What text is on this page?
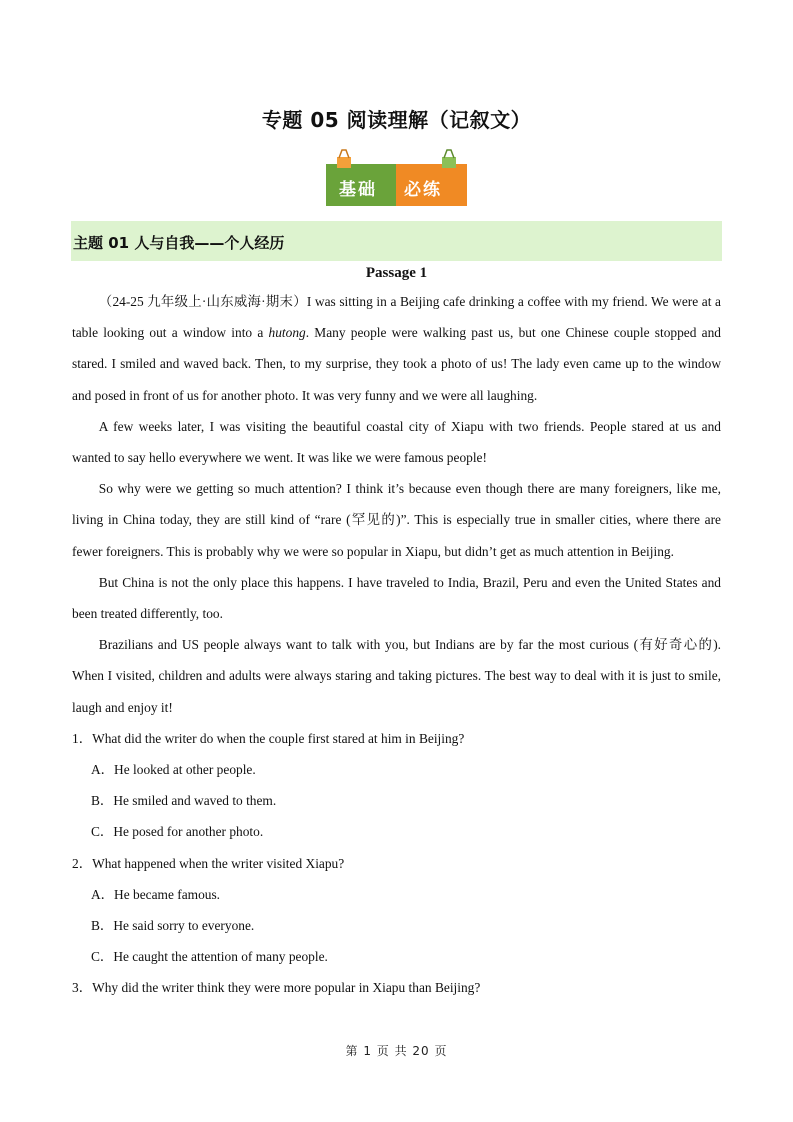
专题 05 阅读理解（记叙文）
基础 必练
主题 01 人与自我——个人经历
Passage 1

（24-25 九年级上·山东威海·期末）I was sitting in a Beijing cafe drinking a coffee with my friend. We were at a table looking out a window into a hutong. Many people were walking past us, but one Chinese couple stopped and stared. I smiled and waved back. Then, to my surprise, they took a photo of us! The lady even came up to the window and posed in front of us for another photo. It was very funny and we were all laughing.

A few weeks later, I was visiting the beautiful coastal city of Xiapu with two friends. People stared at us and wanted to say hello everywhere we went. It was like we were famous people!

So why were we getting so much attention? I think it’s because even though there are many foreigners, like me, living in China today, they are still kind of “rare (罕见的)”. This is especially true in smaller cities, where there are fewer foreigners. This is probably why we were so popular in Xiapu, but didn’t get as much attention in Beijing.

But China is not the only place this happens. I have traveled to India, Brazil, Peru and even the United States and been treated differently, too.

Brazilians and US people always want to talk with you, but Indians are by far the most curious (有好奇心的). When I visited, children and adults were always staring and taking pictures. The best way to deal with it is just to smile, laugh and enjoy it!

1．What did the writer do when the couple first stared at him in Beijing?
A．He looked at other people.
B．He smiled and waved to them.
C．He posed for another photo.
2．What happened when the writer visited Xiapu?
A．He became famous.
B．He said sorry to everyone.
C．He caught the attention of many people.
3．Why did the writer think they were more popular in Xiapu than Beijing?
第 1 页 共 20 页
